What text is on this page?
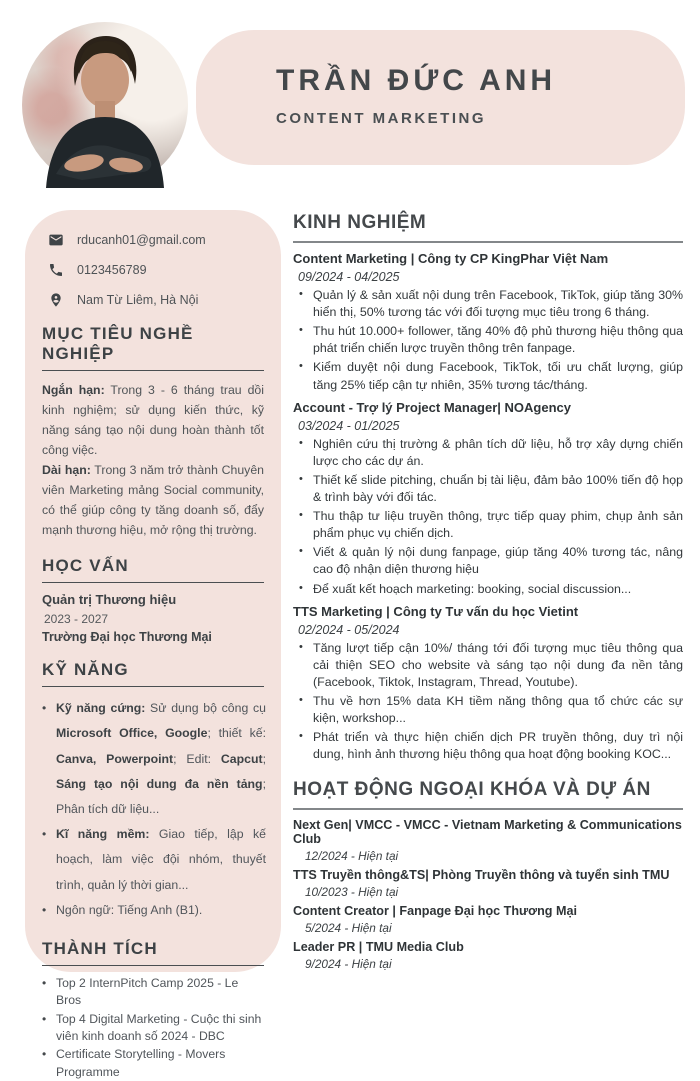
TRẦN ĐỨC ANH
CONTENT MARKETING
rducanh01@gmail.com
0123456789
Nam Từ Liêm, Hà Nội
MỤC TIÊU NGHỀ NGHIỆP

Ngắn hạn: Trong 3 - 6 tháng trau dồi kinh nghiệm; sử dụng kiến thức, kỹ năng sáng tạo nội dung hoàn thành tốt công việc.

Dài hạn: Trong 3 năm trở thành Chuyên viên Marketing mảng Social community, có thể giúp công ty tăng doanh số, đẩy mạnh thương hiệu, mở rộng thị trường.

HỌC VẤN
Quản trị Thương hiệu
2023 - 2027
Trường Đại học Thương Mại
KỸ NĂNG
• Kỹ năng cứng: Sử dụng bộ công cụ Microsoft Office, Google; thiết kế: Canva, Powerpoint; Edit: Capcut; Sáng tạo nội dung đa nền tảng; Phân tích dữ liệu...
• Kĩ năng mềm: Giao tiếp, lập kế hoạch, làm việc đội nhóm, thuyết trình, quản lý thời gian...
• Ngôn ngữ: Tiếng Anh (B1).
THÀNH TÍCH
• Top 2 InternPitch Camp 2025 - Le Bros
• Top 4 Digital Marketing - Cuộc thi sinh viên kinh doanh số 2024 - DBC
• Certificate Storytelling - Movers Programme
KINH NGHIỆM
Content Marketing | Công ty CP KingPhar Việt Nam
09/2024 - 04/2025
• Quản lý & sản xuất nội dung trên Facebook, TikTok, giúp tăng 30% hiển thị, 50% tương tác với đối tượng mục tiêu trong 6 tháng.
• Thu hút 10.000+ follower, tăng 40% độ phủ thương hiệu thông qua phát triển chiến lược truyền thông trên fanpage.
• Kiểm duyệt nội dung Facebook, TikTok, tối ưu chất lượng, giúp tăng 25% tiếp cận tự nhiên, 35% tương tác/tháng.
Account - Trợ lý Project Manager| NOAgency
03/2024 - 01/2025
• Nghiên cứu thị trường & phân tích dữ liệu, hỗ trợ xây dựng chiến lược cho các dự án.
• Thiết kế slide pitching, chuẩn bị tài liệu, đảm bảo 100% tiến độ họp & trình bày với đối tác.
• Thu thập tư liệu truyền thông, trực tiếp quay phim, chụp ảnh sản phẩm phục vụ chiến dịch.
• Viết & quản lý nội dung fanpage, giúp tăng 40% tương tác, nâng cao độ nhận diện thương hiệu
• Để xuất kết hoạch marketing: booking, social discussion...
TTS Marketing | Công ty Tư vấn du học Vietint
02/2024 - 05/2024
• Tăng lượt tiếp cận 10%/ tháng tới đối tượng mục tiêu thông qua cải thiện SEO cho website và sáng tạo nội dung đa nền tảng (Facebook, Tiktok, Instagram, Thread, Youtube).
• Thu về hơn 15% data KH tiềm năng thông qua tổ chức các sự kiện, workshop...
• Phát triển và thực hiện chiến dịch PR truyền thông, duy trì nội dung, hình ảnh thương hiệu thông qua hoạt động booking KOC...
HOẠT ĐỘNG NGOẠI KHÓA VÀ DỰ ÁN
Next Gen| VMCC - VMCC - Vietnam Marketing & Communications Club
12/2024 - Hiện tại
TTS Truyền thông&TS| Phòng Truyền thông và tuyển sinh TMU
10/2023 - Hiện tại
Content Creator | Fanpage Đại học Thương Mại
5/2024 - Hiện tại
Leader PR | TMU Media Club
9/2024 - Hiện tại
